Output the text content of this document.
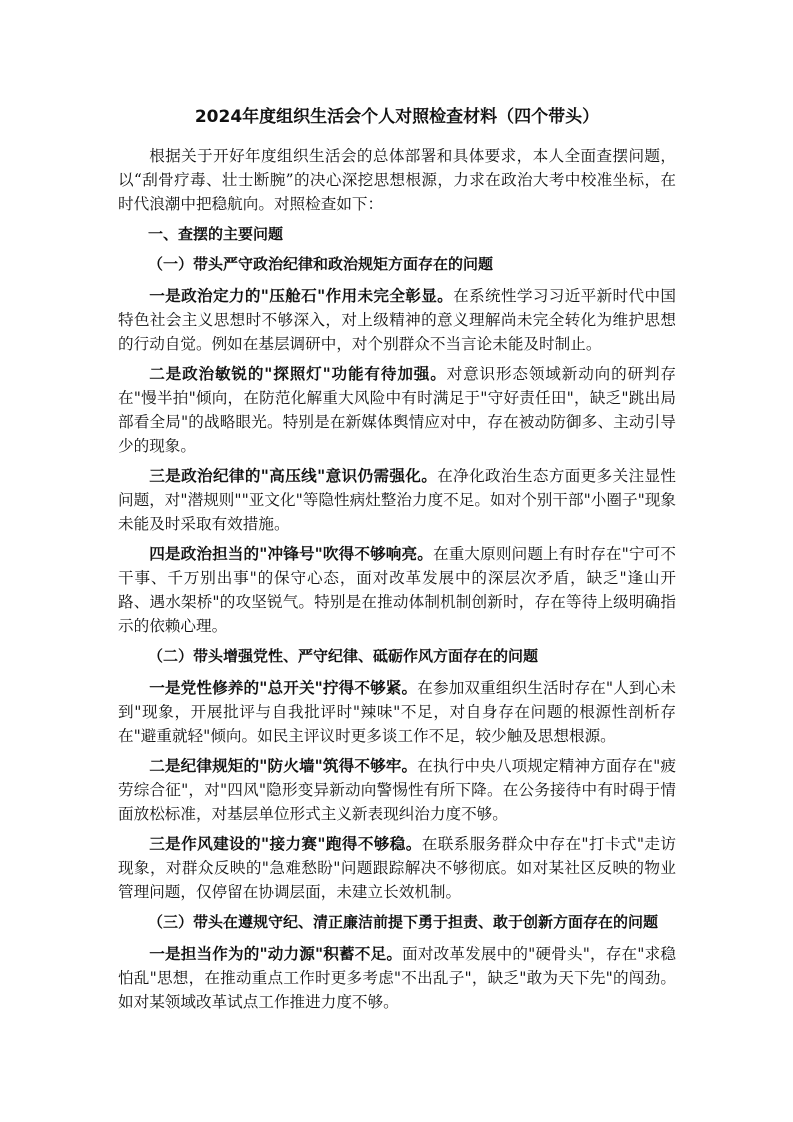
2024年度组织生活会个人对照检查材料（四个带头）

根据关于开好年度组织生活会的总体部署和具体要求，本人全面查摆问题，以“刮骨疗毒、壮士断腕”的决心深挖思想根源，力求在政治大考中校准坐标，在时代浪潮中把稳航向。对照检查如下：

一、查摆的主要问题

（一）带头严守政治纪律和政治规矩方面存在的问题

一是政治定力的"压舱石"作用未完全彰显。在系统性学习习近平新时代中国特色社会主义思想时不够深入，对上级精神的意义理解尚未完全转化为维护思想的行动自觉。例如在基层调研中，对个别群众不当言论未能及时制止。

二是政治敏锐的"探照灯"功能有待加强。对意识形态领域新动向的研判存在"慢半拍"倾向，在防范化解重大风险中有时满足于"守好责任田"，缺乏"跳出局部看全局"的战略眼光。特别是在新媒体舆情应对中，存在被动防御多、主动引导少的现象。

三是政治纪律的"高压线"意识仍需强化。在净化政治生态方面更多关注显性问题，对"潜规则""亚文化"等隐性病灶整治力度不足。如对个别干部"小圈子"现象未能及时采取有效措施。

四是政治担当的"冲锋号"吹得不够响亮。在重大原则问题上有时存在"宁可不干事、千万别出事"的保守心态，面对改革发展中的深层次矛盾，缺乏"逢山开路、遇水架桥"的攻坚锐气。特别是在推动体制机制创新时，存在等待上级明确指示的依赖心理。

（二）带头增强党性、严守纪律、砥砺作风方面存在的问题

一是党性修养的"总开关"拧得不够紧。在参加双重组织生活时存在"人到心未到"现象，开展批评与自我批评时"辣味"不足，对自身存在问题的根源性剖析存在"避重就轻"倾向。如民主评议时更多谈工作不足，较少触及思想根源。

二是纪律规矩的"防火墙"筑得不够牢。在执行中央八项规定精神方面存在"疲劳综合征"，对"四风"隐形变异新动向警惕性有所下降。在公务接待中有时碍于情面放松标准，对基层单位形式主义新表现纠治力度不够。

三是作风建设的"接力赛"跑得不够稳。在联系服务群众中存在"打卡式"走访现象，对群众反映的"急难愁盼"问题跟踪解决不够彻底。如对某社区反映的物业管理问题，仅停留在协调层面，未建立长效机制。

（三）带头在遵规守纪、清正廉洁前提下勇于担责、敢于创新方面存在的问题

一是担当作为的"动力源"积蓄不足。面对改革发展中的"硬骨头"，存在"求稳怕乱"思想，在推动重点工作时更多考虑"不出乱子"，缺乏"敢为天下先"的闯劲。如对某领域改革试点工作推进力度不够。
